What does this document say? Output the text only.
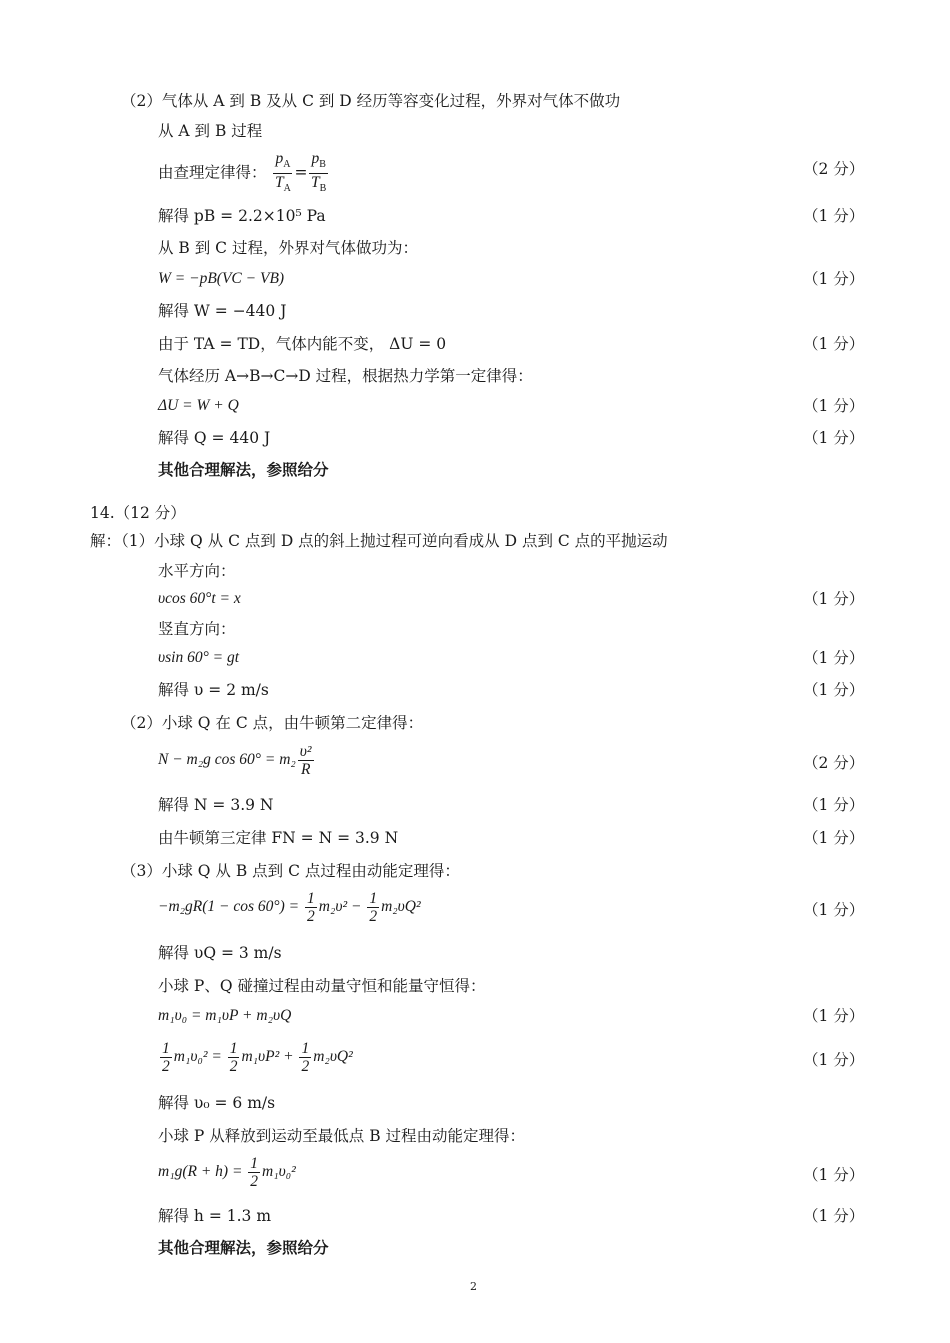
（2）气体从 A 到 B 及从 C 到 D 经历等容变化过程，外界对气体不做功
从 A 到 B 过程
由查理定律得： $\frac{p_A}{T_A} = \frac{p_B}{T_B}$	（2 分）
解得 pB = 2.2×10⁵ Pa	（1 分）
从 B 到 C 过程，外界对气体做功为：
W = −pB(VC − VB)	（1 分）
解得 W = −440 J
由于 TA = TD，气体内能不变， ΔU = 0	（1 分）
气体经历 A→B→C→D 过程，根据热力学第一定律得：
ΔU = W + Q	（1 分）
解得 Q = 440 J	（1 分）
其他合理解法，参照给分
14.（12 分）
解：（1）小球 Q 从 C 点到 D 点的斜上抛过程可逆向看成从 D 点到 C 点的平抛运动
水平方向：
υcos 60°t = x	（1 分）
竖直方向：
υsin 60° = gt	（1 分）
解得 υ = 2 m/s	（1 分）
（2）小球 Q 在 C 点，由牛顿第二定律得：
N − m₂g $\cos 60^\circ = m_2 \frac{\text{υ²}}{R}$	（2 分）
解得 N = 3.9 N	（1 分）
由牛顿第三定律 FN = N = 3.9 N	（1 分）
（3）小球 Q 从 B 点到 C 点过程由动能定理得：
$-m_2gR(1 - \cos 60^\circ) = \frac{1}{2} m_2\upsilon^2 - \frac{1}{2} m_2\upsilon Q^2$	（1 分）
解得 υQ = 3 m/s
小球 P、Q 碰撞过程由动量守恒和能量守恒得：
m₁υ₀ = m₁υP + m₂υQ	（1 分）
$\frac{1}{2} m_1\upsilon_0^2 = \frac{1}{2} m_1\upsilon P^2 + \frac{1}{2} m_2\upsilon Q^2$	（1 分）
解得 υ₀ = 6 m/s
小球 P 从释放到运动至最低点 B 过程由动能定理得：
$m_1g(R + h) = \frac{1}{2} m_1\upsilon_0^2$	（1 分）
解得 h = 1.3 m	（1 分）
其他合理解法，参照给分
2
